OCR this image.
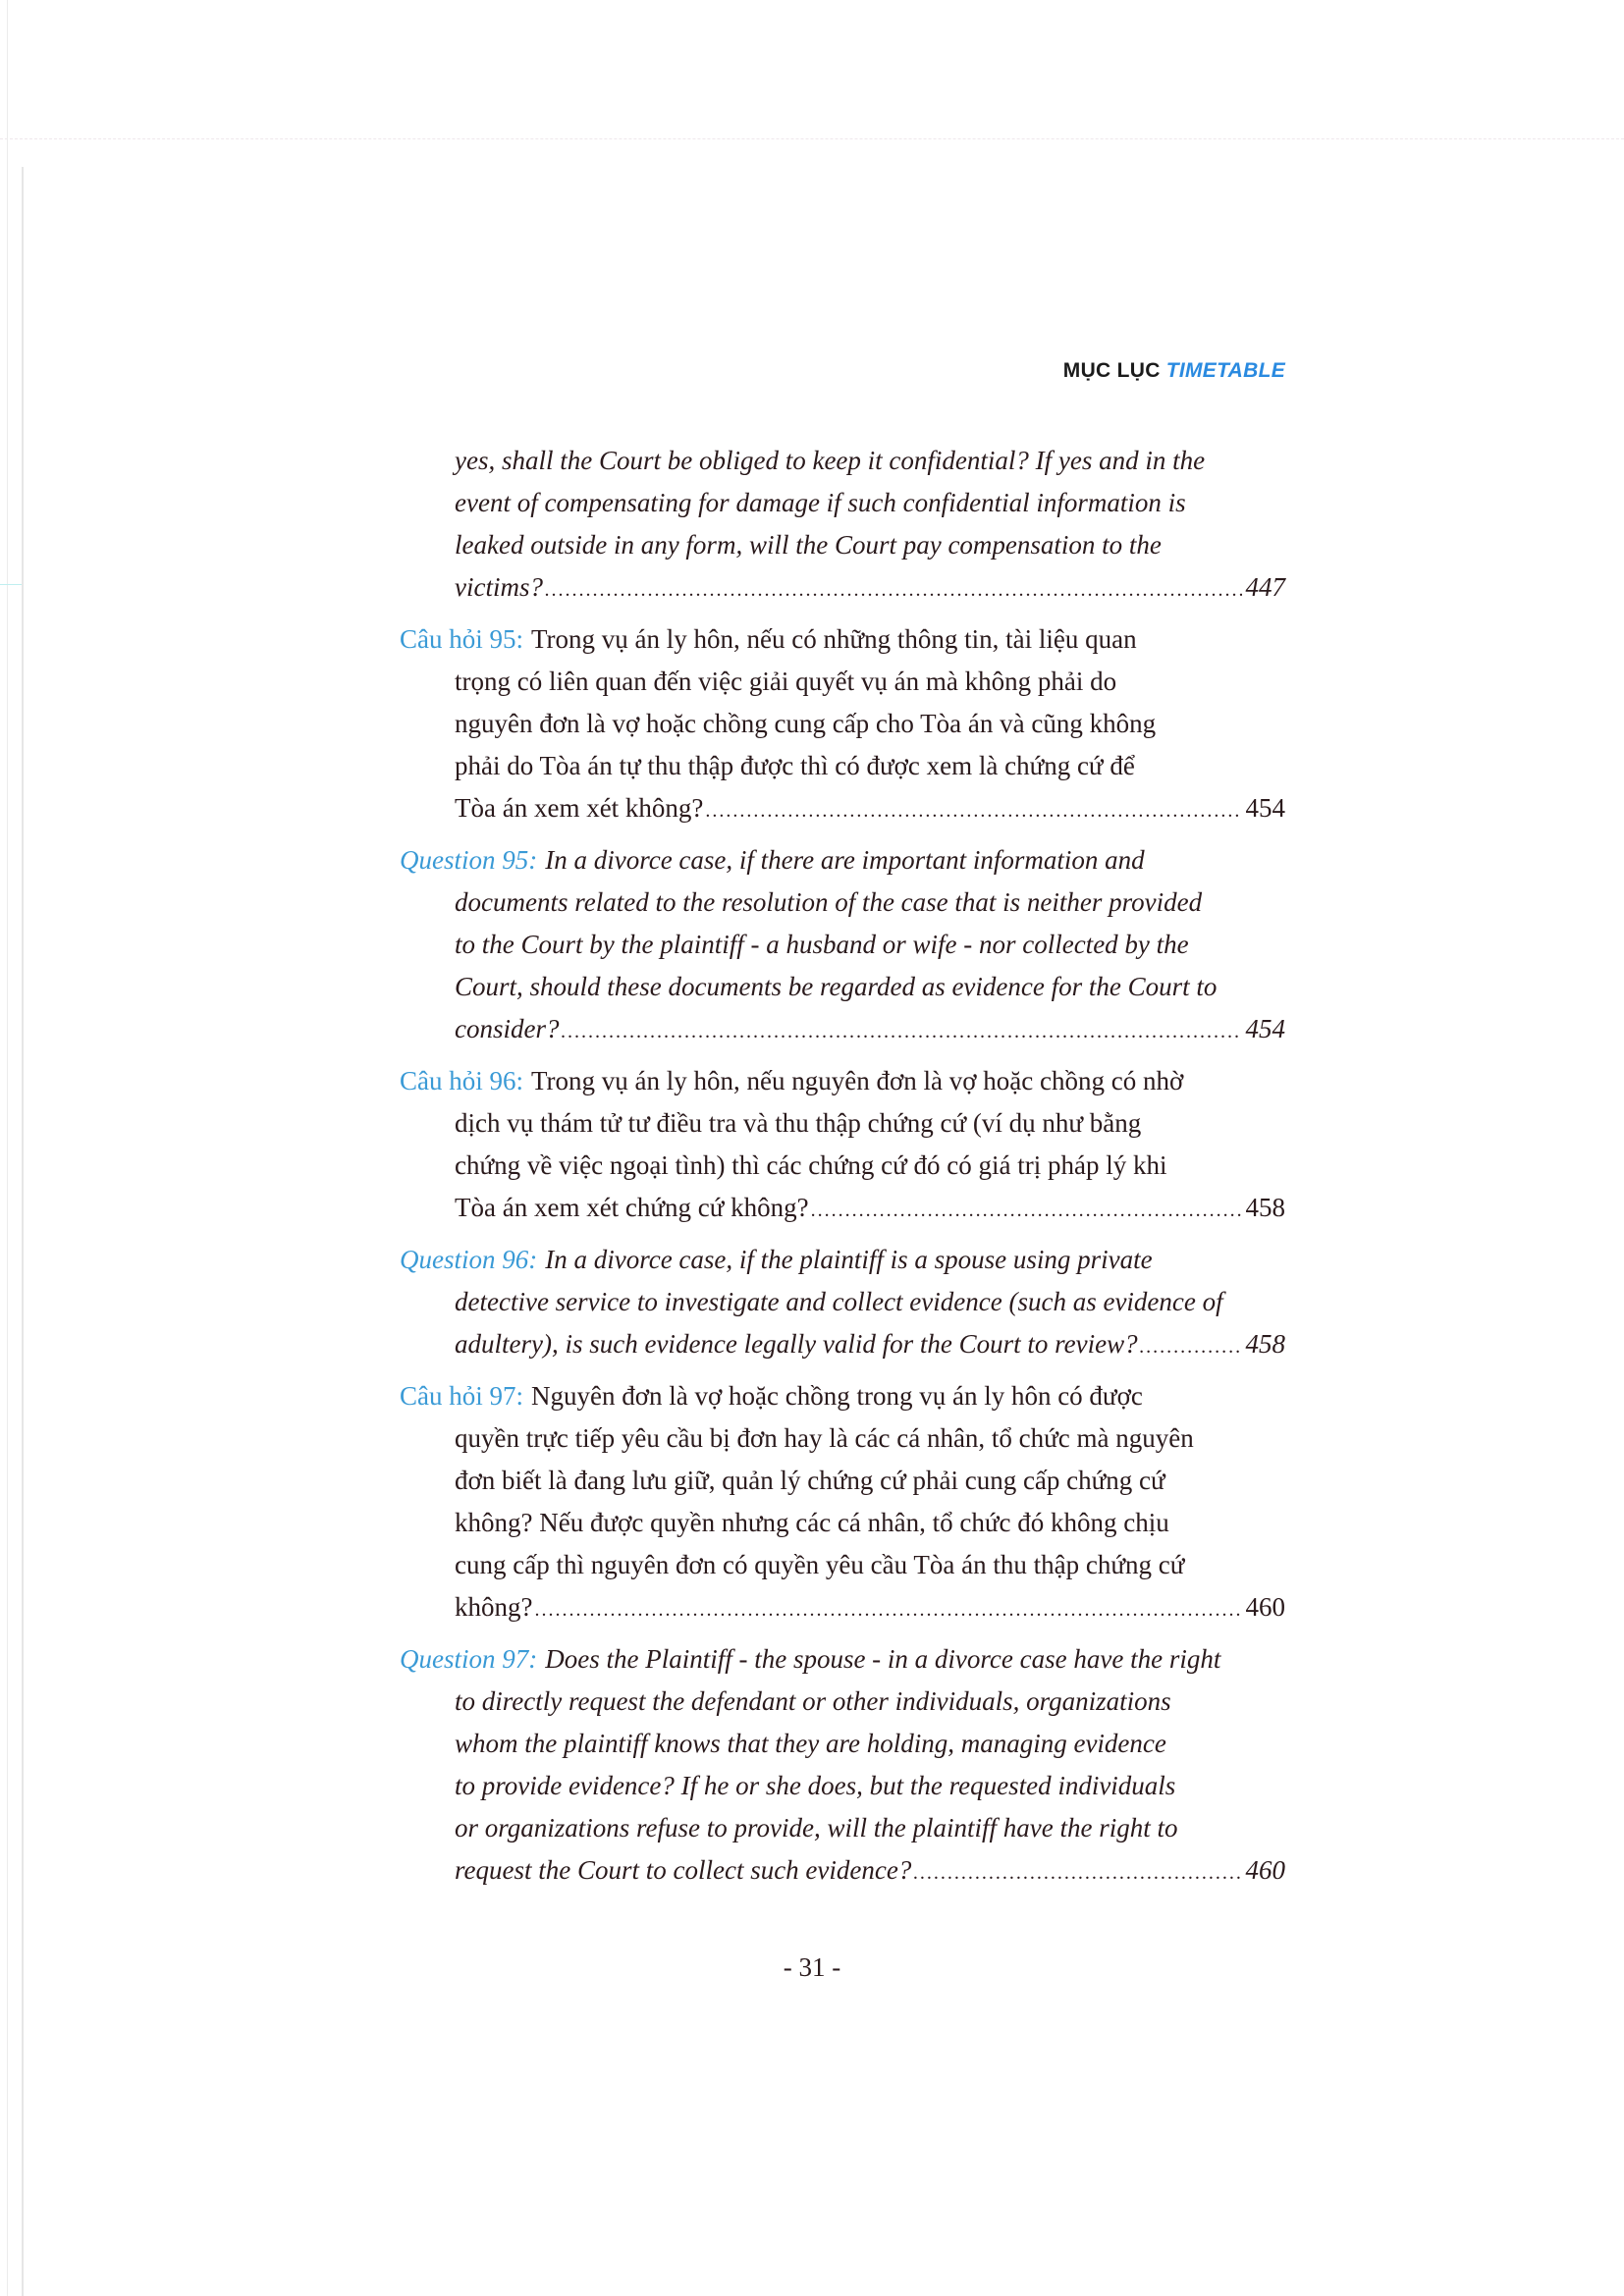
MỤC LỤC TIMETABLE
yes, shall the Court be obliged to keep it confidential? If yes and in the
event of compensating for damage if such confidential information is
leaked outside in any form, will the Court pay compensation to the
victims? .....	447
Câu hỏi 95: Trong vụ án ly hôn, nếu có những thông tin, tài liệu quan
trọng có liên quan đến việc giải quyết vụ án mà không phải do
nguyên đơn là vợ hoặc chồng cung cấp cho Tòa án và cũng không
phải do Tòa án tự thu thập được thì có được xem là chứng cứ để
Tòa án xem xét không? .....	454
Question 95: In a divorce case, if there are important information and
documents related to the resolution of the case that is neither provided
to the Court by the plaintiff - a husband or wife - nor collected by the
Court, should these documents be regarded as evidence for the Court to
consider? .....	454
Câu hỏi 96: Trong vụ án ly hôn, nếu nguyên đơn là vợ hoặc chồng có nhờ
dịch vụ thám tử tư điều tra và thu thập chứng cứ (ví dụ như bằng
chứng về việc ngoại tình) thì các chứng cứ đó có giá trị pháp lý khi
Tòa án xem xét chứng cứ không? .....	458
Question 96: In a divorce case, if the plaintiff is a spouse using private
detective service to investigate and collect evidence (such as evidence of
adultery), is such evidence legally valid for the Court to review? .....	458
Câu hỏi 97: Nguyên đơn là vợ hoặc chồng trong vụ án ly hôn có được
quyền trực tiếp yêu cầu bị đơn hay là các cá nhân, tổ chức mà nguyên
đơn biết là đang lưu giữ, quản lý chứng cứ phải cung cấp chứng cứ
không? Nếu được quyền nhưng các cá nhân, tổ chức đó không chịu
cung cấp thì nguyên đơn có quyền yêu cầu Tòa án thu thập chứng cứ
không? .....	460
Question 97: Does the Plaintiff - the spouse - in a divorce case have the right
to directly request the defendant or other individuals, organizations
whom the plaintiff knows that they are holding, managing evidence
to provide evidence? If he or she does, but the requested individuals
or organizations refuse to provide, will the plaintiff have the right to
request the Court to collect such evidence? .....	460
- 31 -
